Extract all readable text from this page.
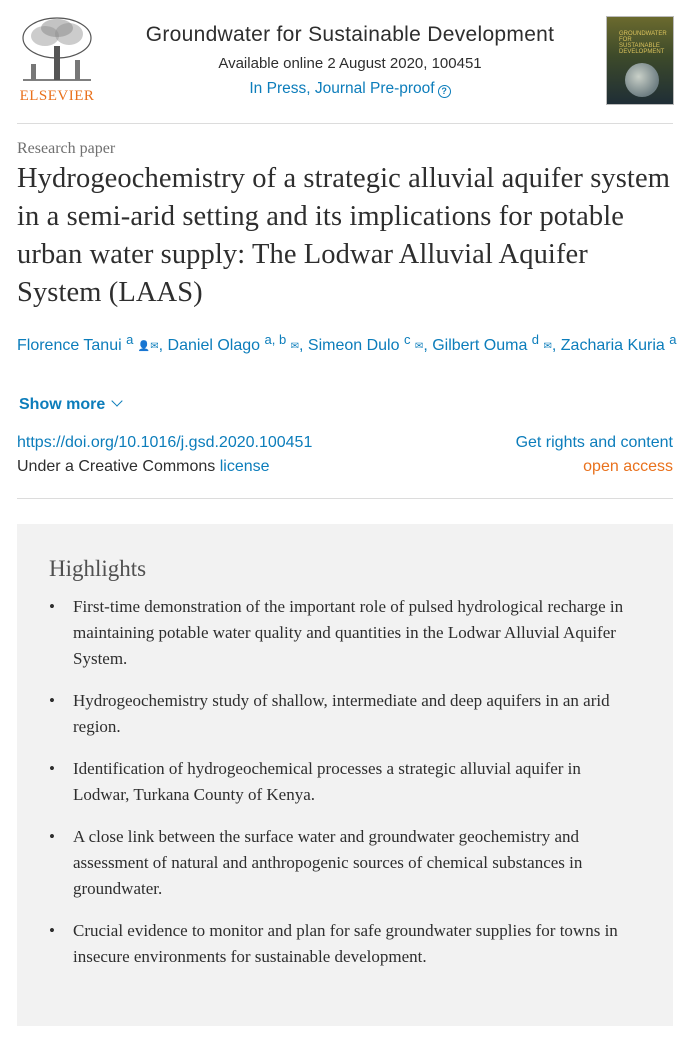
ELSEVIER
Groundwater for Sustainable Development
Available online 2 August 2020, 100451
In Press, Journal Pre-proof ?
GROUNDWATER FOR SUSTAINABLE DEVELOPMENT
Research paper
Hydrogeochemistry of a strategic alluvial aquifer system in a semi-arid setting and its implications for potable urban water supply: The Lodwar Alluvial Aquifer System (LAAS)
Florence Tanui $^a$ 👤✉, Daniel Olago $^{a, b}$ ✉, Simeon Dulo $^c$ ✉, Gilbert Ouma $^d$ ✉, Zacharia Kuria $^a$
Show more
https://doi.org/10.1016/j.gsd.2020.100451
Under a Creative Commons license
Get rights and content
open access
Highlights
• First-time demonstration of the important role of pulsed hydrological recharge in maintaining potable water quality and quantities in the Lodwar Alluvial Aquifer System.
• Hydrogeochemistry study of shallow, intermediate and deep aquifers in an arid region.
• Identification of hydrogeochemical processes a strategic alluvial aquifer in Lodwar, Turkana County of Kenya.
• A close link between the surface water and groundwater geochemistry and assessment of natural and anthropogenic sources of chemical substances in groundwater.
• Crucial evidence to monitor and plan for safe groundwater supplies for towns in insecure environments for sustainable development.
